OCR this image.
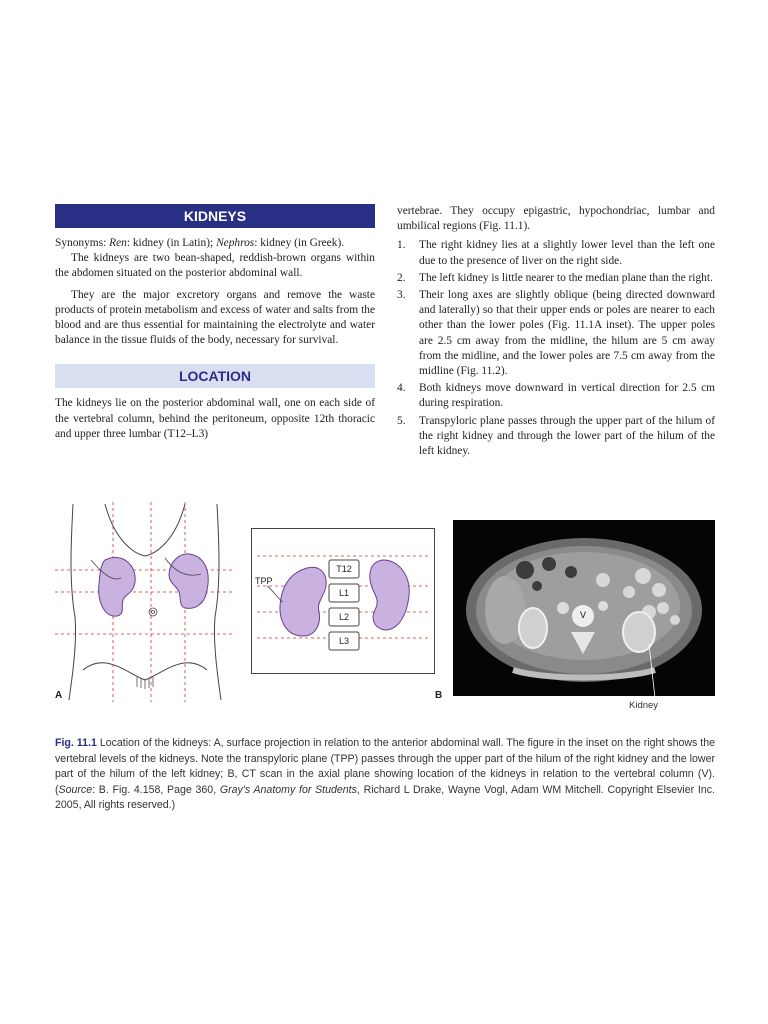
KIDNEYS

Synonyms: Ren: kidney (in Latin); Nephros: kidney (in Greek).

The kidneys are two bean-shaped, reddish-brown organs within the abdomen situated on the posterior abdominal wall.

They are the major excretory organs and remove the waste products of protein metabolism and excess of water and salts from the blood and are thus essential for maintaining the electrolyte and water balance in the tissue fluids of the body, necessary for survival.

LOCATION

The kidneys lie on the posterior abdominal wall, one on each side of the vertebral column, behind the peritoneum, opposite 12th thoracic and upper three lumbar (T12–L3)

vertebrae. They occupy epigastric, hypochondriac, lumbar and umbilical regions (Fig. 11.1).

1. The right kidney lies at a slightly lower level than the left one due to the presence of liver on the right side.
2. The left kidney is little nearer to the median plane than the right.
3. Their long axes are slightly oblique (being directed downward and laterally) so that their upper ends or poles are nearer to each other than the lower poles (Fig. 11.1A inset). The upper poles are 2.5 cm away from the midline, the hilum are 5 cm away from the midline, and the lower poles are 7.5 cm away from the midline (Fig. 11.2).
4. Both kidneys move downward in vertical direction for 2.5 cm during respiration.
5. Transpyloric plane passes through the upper part of the hilum of the right kidney and through the lower part of the hilum of the left kidney.
A
TPP
T12
L1
L2
L3
V
B
Kidney
Fig. 11.1 Location of the kidneys: A, surface projection in relation to the anterior abdominal wall. The figure in the inset on the right shows the vertebral levels of the kidneys. Note the transpyloric plane (TPP) passes through the upper part of the hilum of the right kidney and the lower part of the hilum of the left kidney; B, CT scan in the axial plane showing location of the kidneys in relation to the vertebral column (V). (Source: B. Fig. 4.158, Page 360, Gray's Anatomy for Students, Richard L Drake, Wayne Vogl, Adam WM Mitchell. Copyright Elsevier Inc. 2005, All rights reserved.)
